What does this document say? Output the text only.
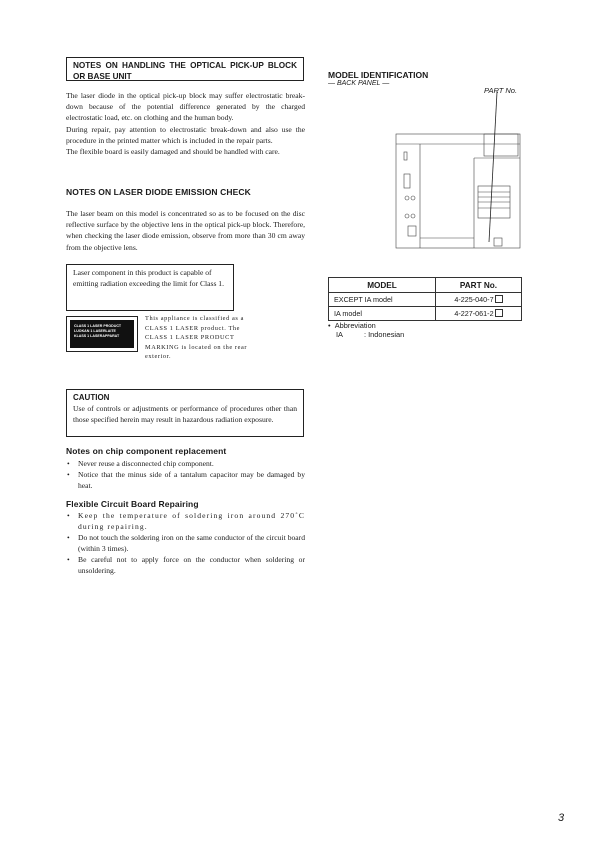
NOTES ON HANDLING THE OPTICAL PICK-UP BLOCK OR BASE UNIT
The laser diode in the optical pick-up block may suffer electrostatic break-down because of the potential difference generated by the charged electrostatic load, etc. on clothing and the human body.
During repair, pay attention to electrostatic break-down and also use the procedure in the printed matter which is included in the repair parts.
The flexible board is easily damaged and should be handled with care.
NOTES ON LASER DIODE EMISSION CHECK
The laser beam on this model is concentrated so as to be focused on the disc reflective surface by the objective lens in the optical pick-up block. Therefore, when checking the laser diode emission, observe from more than 30 cm away from the objective lens.
Laser component in this product is capable of emitting radiation exceeding the limit for Class 1.
CLASS 1 LASER PRODUCT
LUOKAN 1 LASERLAITE
KLASS 1 LASERAPPARAT
This appliance is classified as a CLASS 1 LASER product. The CLASS 1 LASER PRODUCT MARKING is located on the rear exterior.
CAUTION
Use of controls or adjustments or performance of procedures other than those specified herein may result in hazardous radiation exposure.
Notes on chip component replacement
• Never reuse a disconnected chip component.
• Notice that the minus side of a tantalum capacitor may be damaged by heat.
Flexible Circuit Board Repairing
• Keep the temperature of soldering iron around 270˚C during repairing.
• Do not touch the soldering iron on the same conductor of the circuit board (within 3 times).
• Be careful not to apply force on the conductor when soldering or unsoldering.
MODEL IDENTIFICATION
— BACK PANEL —
PART No.
MODEL	PART No.
EXCEPT IA model	4-225-040-7
IA model	4-227-061-2
•  Abbreviation
IA	: Indonesian
3
